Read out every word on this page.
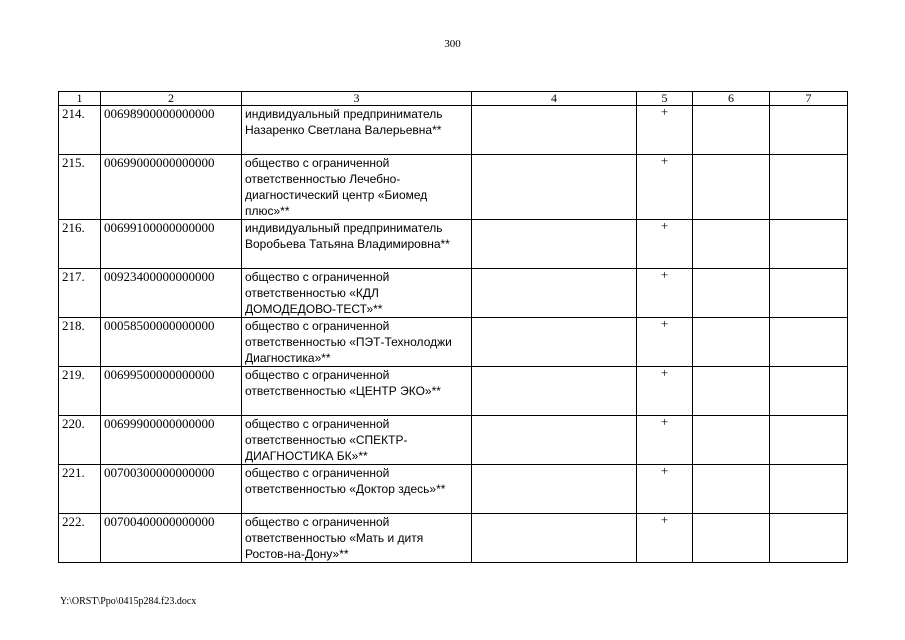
300
1	2	3	4	5	6	7
214.	00698900000000000	индивидуальный предприниматель Назаренко Светлана Валерьевна**		+		
215.	00699000000000000	общество с ограниченной ответственностью Лечебно-диагностический центр «Биомед плюс»**		+		
216.	00699100000000000	индивидуальный предприниматель Воробьева Татьяна Владимировна**		+		
217.	00923400000000000	общество с ограниченной ответственностью «КДЛ ДОМОДЕДОВО-ТЕСТ»**		+		
218.	00058500000000000	общество с ограниченной ответственностью «ПЭТ-Технолоджи Диагностика»**		+		
219.	00699500000000000	общество с ограниченной ответственностью «ЦЕНТР ЭКО»**		+		
220.	00699900000000000	общество с ограниченной ответственностью «СПЕКТР-ДИАГНОСТИКА БК»**		+		
221.	00700300000000000	общество с ограниченной ответственностью «Доктор здесь»**		+		
222.	00700400000000000	общество с ограниченной ответственностью «Мать и дитя Ростов-на-Дону»**		+		
Y:\ORST\Ppo\0415p284.f23.docx
